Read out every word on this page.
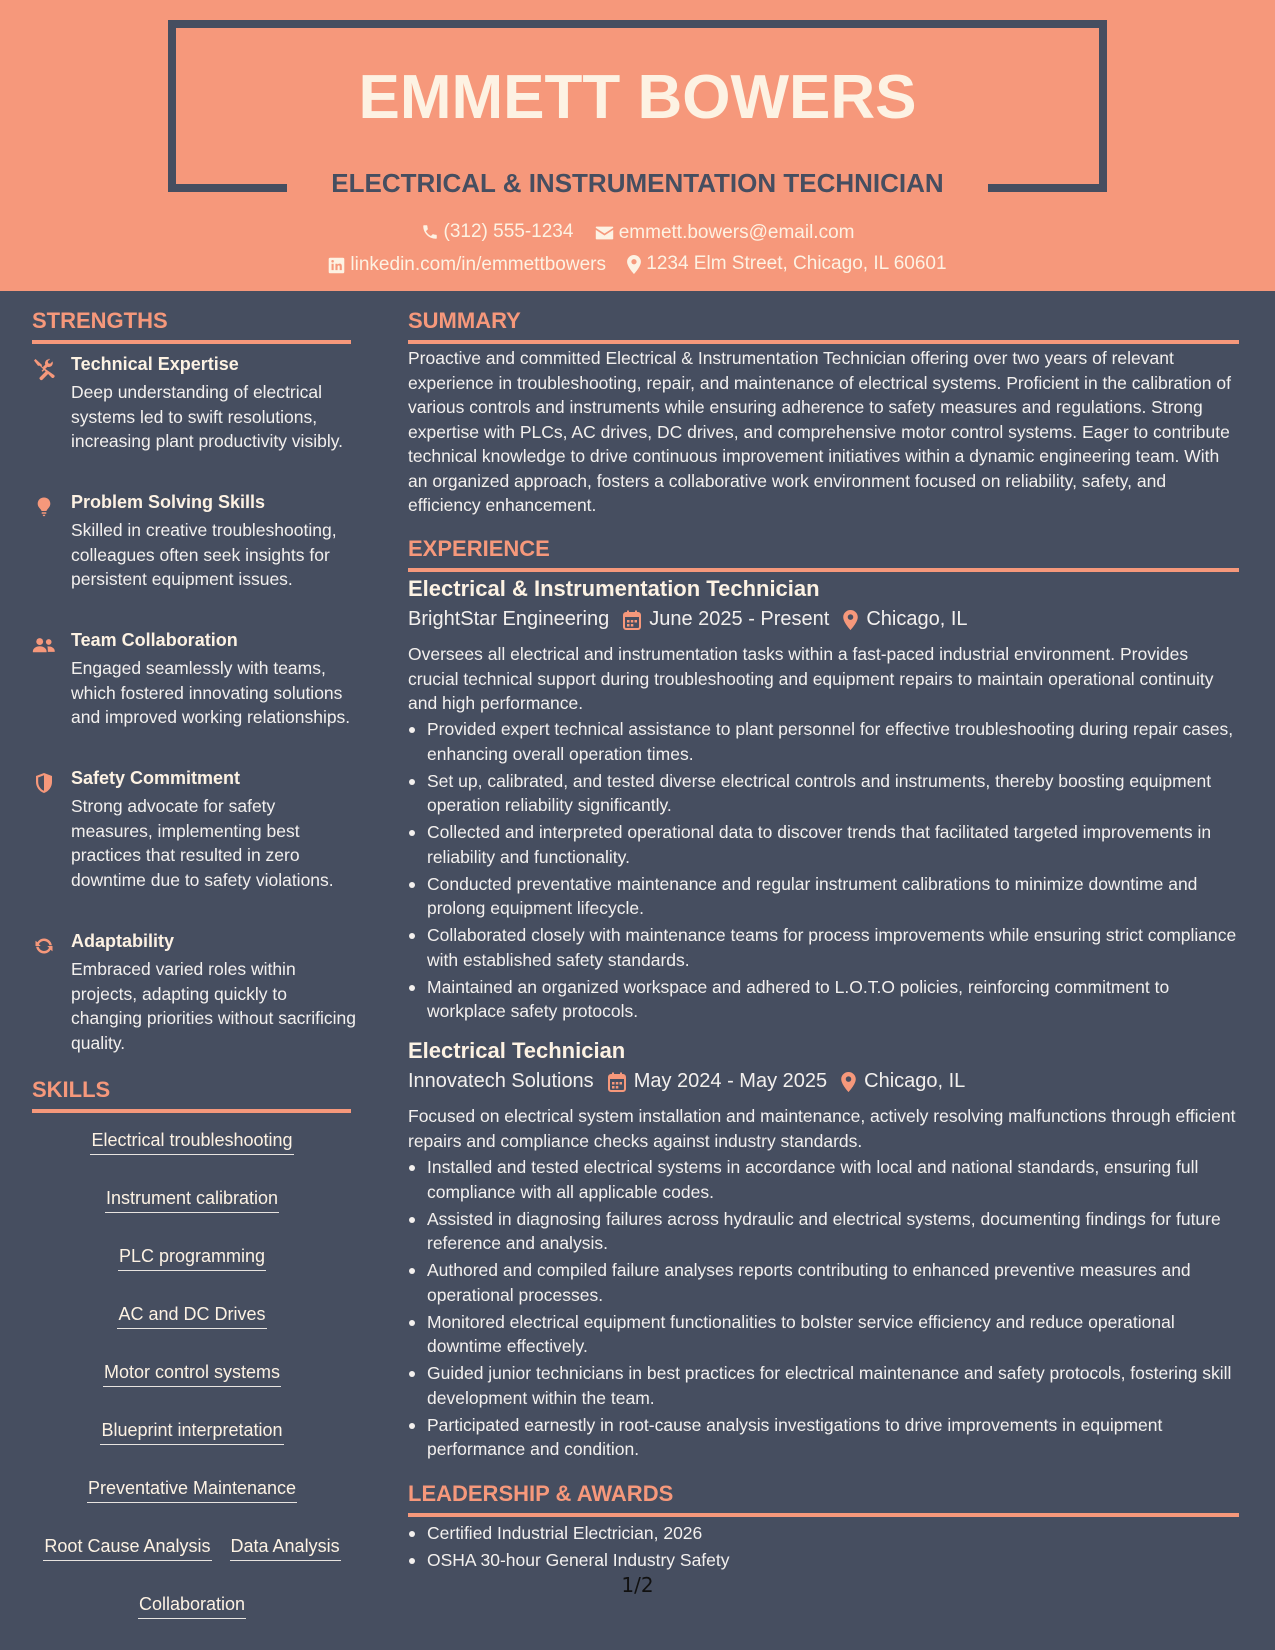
EMMETT BOWERS
ELECTRICAL & INSTRUMENTATION TECHNICIAN
(312) 555-1234
emmett.bowers@email.com
linkedin.com/in/emmettbowers
1234 Elm Street, Chicago, IL 60601
STRENGTHS
Technical Expertise
Deep understanding of electrical systems led to swift resolutions, increasing plant productivity visibly.
Problem Solving Skills
Skilled in creative troubleshooting, colleagues often seek insights for persistent equipment issues.
Team Collaboration
Engaged seamlessly with teams, which fostered innovating solutions and improved working relationships.
Safety Commitment
Strong advocate for safety measures, implementing best practices that resulted in zero downtime due to safety violations.
Adaptability
Embraced varied roles within projects, adapting quickly to changing priorities without sacrificing quality.
SKILLS
Electrical troubleshooting
Instrument calibration
PLC programming
AC and DC Drives
Motor control systems
Blueprint interpretation
Preventative Maintenance
Root Cause Analysis Data Analysis
Collaboration
SUMMARY
Proactive and committed Electrical & Instrumentation Technician offering over two years of relevant experience in troubleshooting, repair, and maintenance of electrical systems. Proficient in the calibration of various controls and instruments while ensuring adherence to safety measures and regulations. Strong expertise with PLCs, AC drives, DC drives, and comprehensive motor control systems. Eager to contribute technical knowledge to drive continuous improvement initiatives within a dynamic engineering team. With an organized approach, fosters a collaborative work environment focused on reliability, safety, and efficiency enhancement.
EXPERIENCE
Electrical & Instrumentation Technician
BrightStar Engineering June 2025 - Present Chicago, IL
Oversees all electrical and instrumentation tasks within a fast-paced industrial environment. Provides crucial technical support during troubleshooting and equipment repairs to maintain operational continuity and high performance.
Provided expert technical assistance to plant personnel for effective troubleshooting during repair cases, enhancing overall operation times.
Set up, calibrated, and tested diverse electrical controls and instruments, thereby boosting equipment operation reliability significantly.
Collected and interpreted operational data to discover trends that facilitated targeted improvements in reliability and functionality.
Conducted preventative maintenance and regular instrument calibrations to minimize downtime and prolong equipment lifecycle.
Collaborated closely with maintenance teams for process improvements while ensuring strict compliance with established safety standards.
Maintained an organized workspace and adhered to L.O.T.O policies, reinforcing commitment to workplace safety protocols.
Electrical Technician
Innovatech Solutions May 2024 - May 2025 Chicago, IL
Focused on electrical system installation and maintenance, actively resolving malfunctions through efficient repairs and compliance checks against industry standards.
Installed and tested electrical systems in accordance with local and national standards, ensuring full compliance with all applicable codes.
Assisted in diagnosing failures across hydraulic and electrical systems, documenting findings for future reference and analysis.
Authored and compiled failure analyses reports contributing to enhanced preventive measures and operational processes.
Monitored electrical equipment functionalities to bolster service efficiency and reduce operational downtime effectively.
Guided junior technicians in best practices for electrical maintenance and safety protocols, fostering skill development within the team.
Participated earnestly in root-cause analysis investigations to drive improvements in equipment performance and condition.
LEADERSHIP & AWARDS
Certified Industrial Electrician, 2026
OSHA 30-hour General Industry Safety
1/2
